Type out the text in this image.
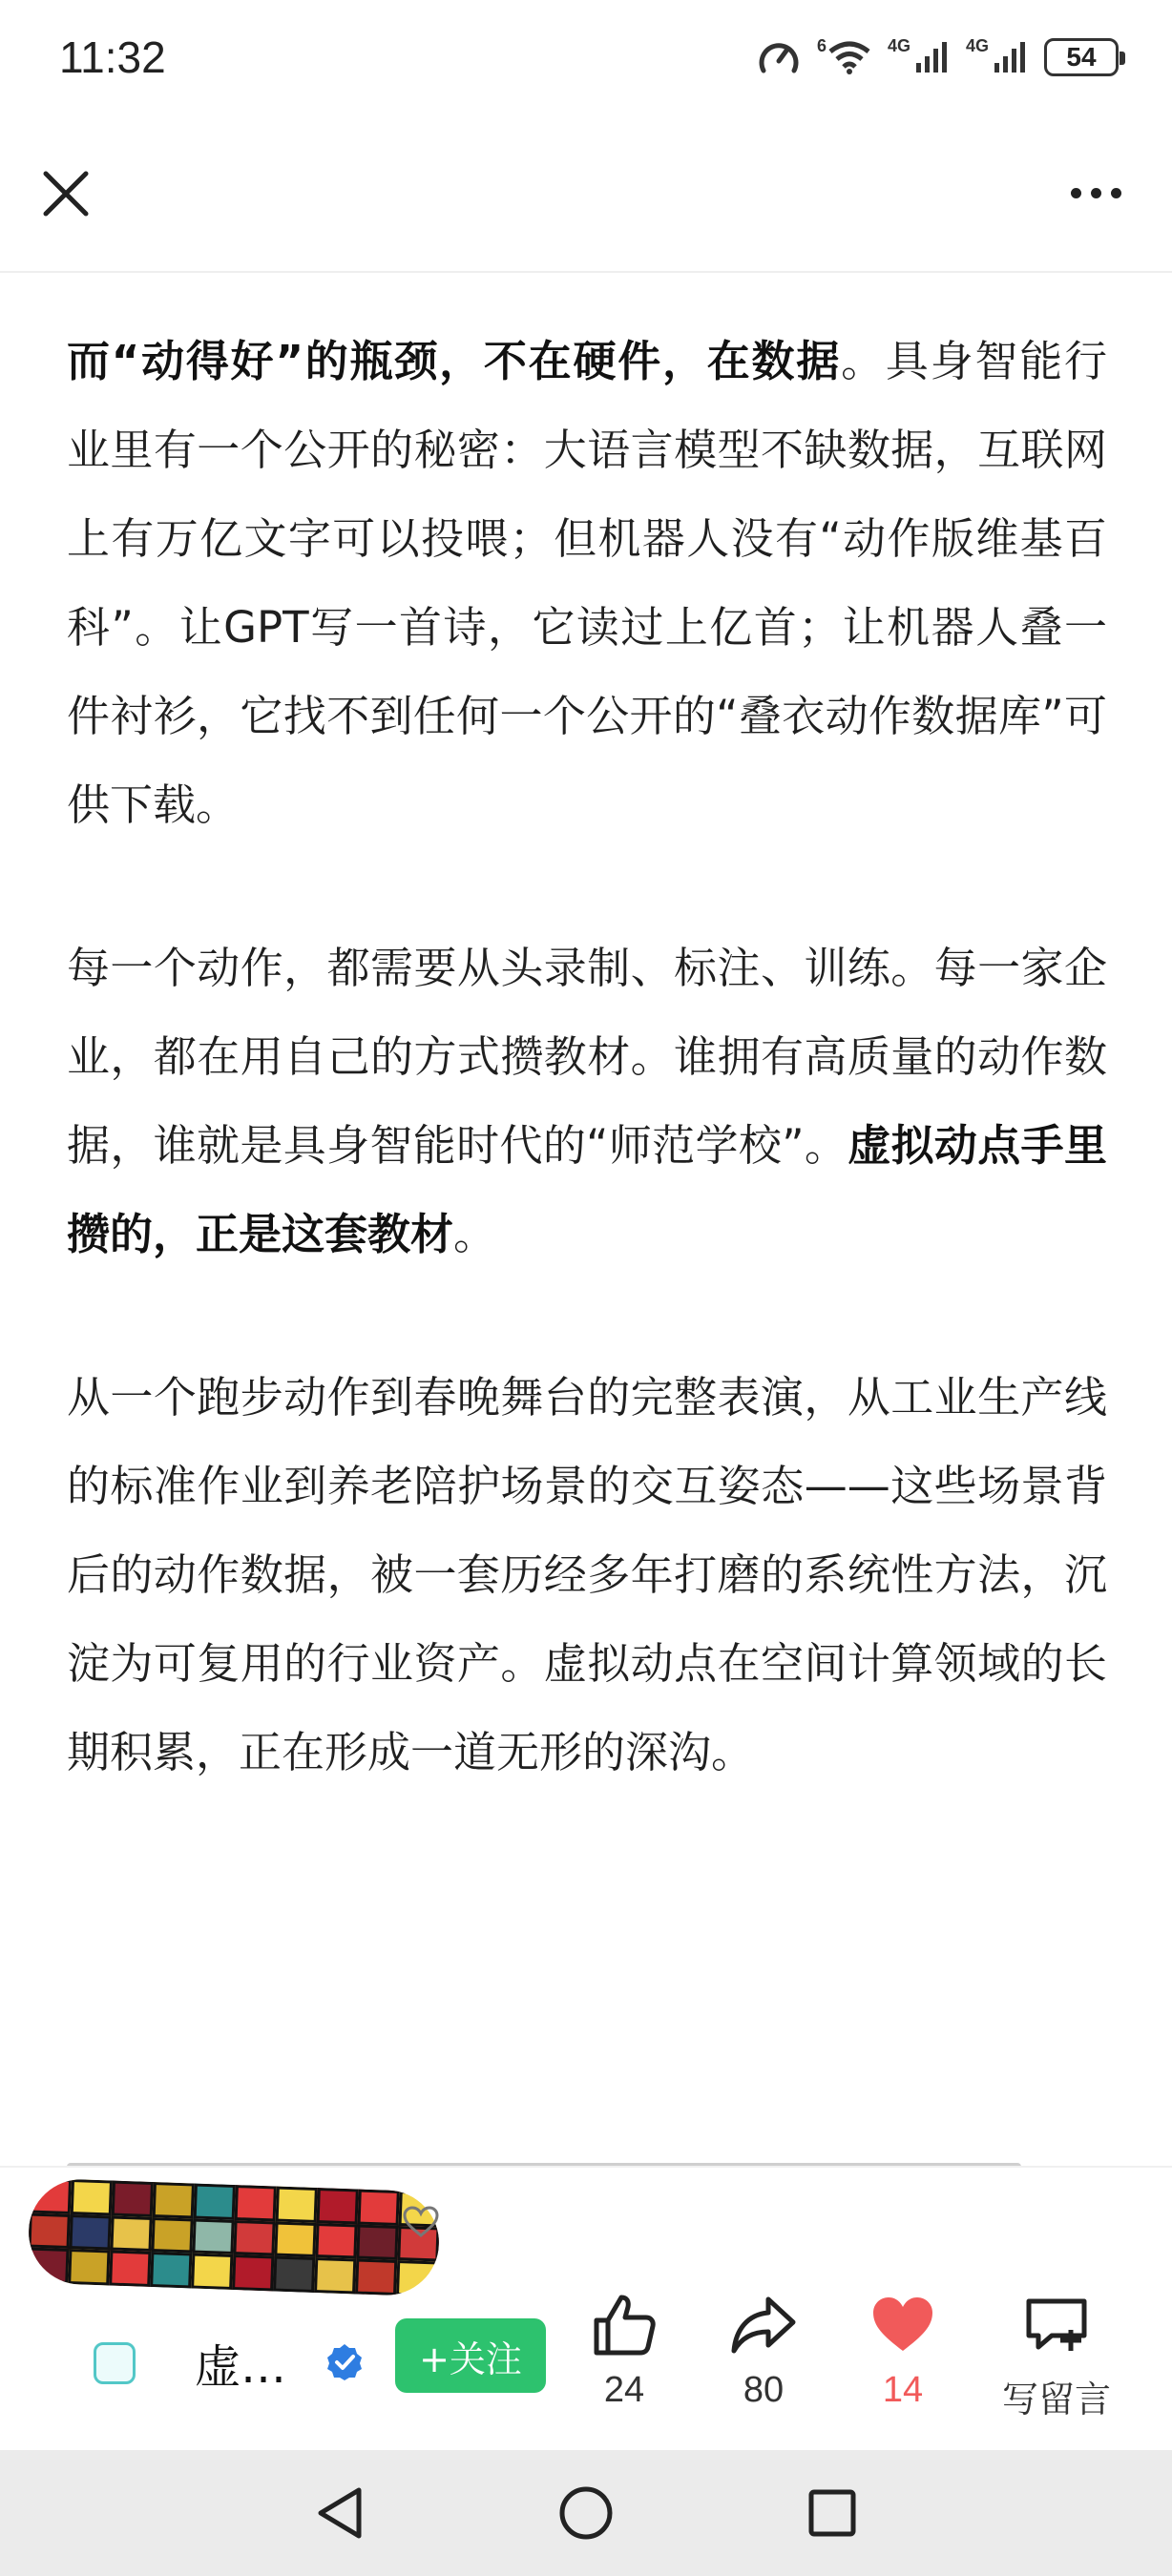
11:32	6	4G	4G	54

而“动得好”的瓶颈，不在硬件，在数据。具身智能行业里有一个公开的秘密：大语言模型不缺数据，互联网上有万亿文字可以投喂；但机器人没有“动作版维基百科”。让GPT写一首诗，它读过上亿首；让机器人叠一件衬衫，它找不到任何一个公开的“叠衣动作数据库”可供下载。

每一个动作，都需要从头录制、标注、训练。每一家企业，都在用自己的方式攒教材。谁拥有高质量的动作数据，谁就是具身智能时代的“师范学校”。虚拟动点手里攒的，正是这套教材。

从一个跑步动作到春晚舞台的完整表演，从工业生产线的标准作业到养老陪护场景的交互姿态——这些场景背后的动作数据，被一套历经多年打磨的系统性方法，沉淀为可复用的行业资产。虚拟动点在空间计算领域的长期积累，正在形成一道无形的深沟。

虚…	+关注
24	80	14 写留言
